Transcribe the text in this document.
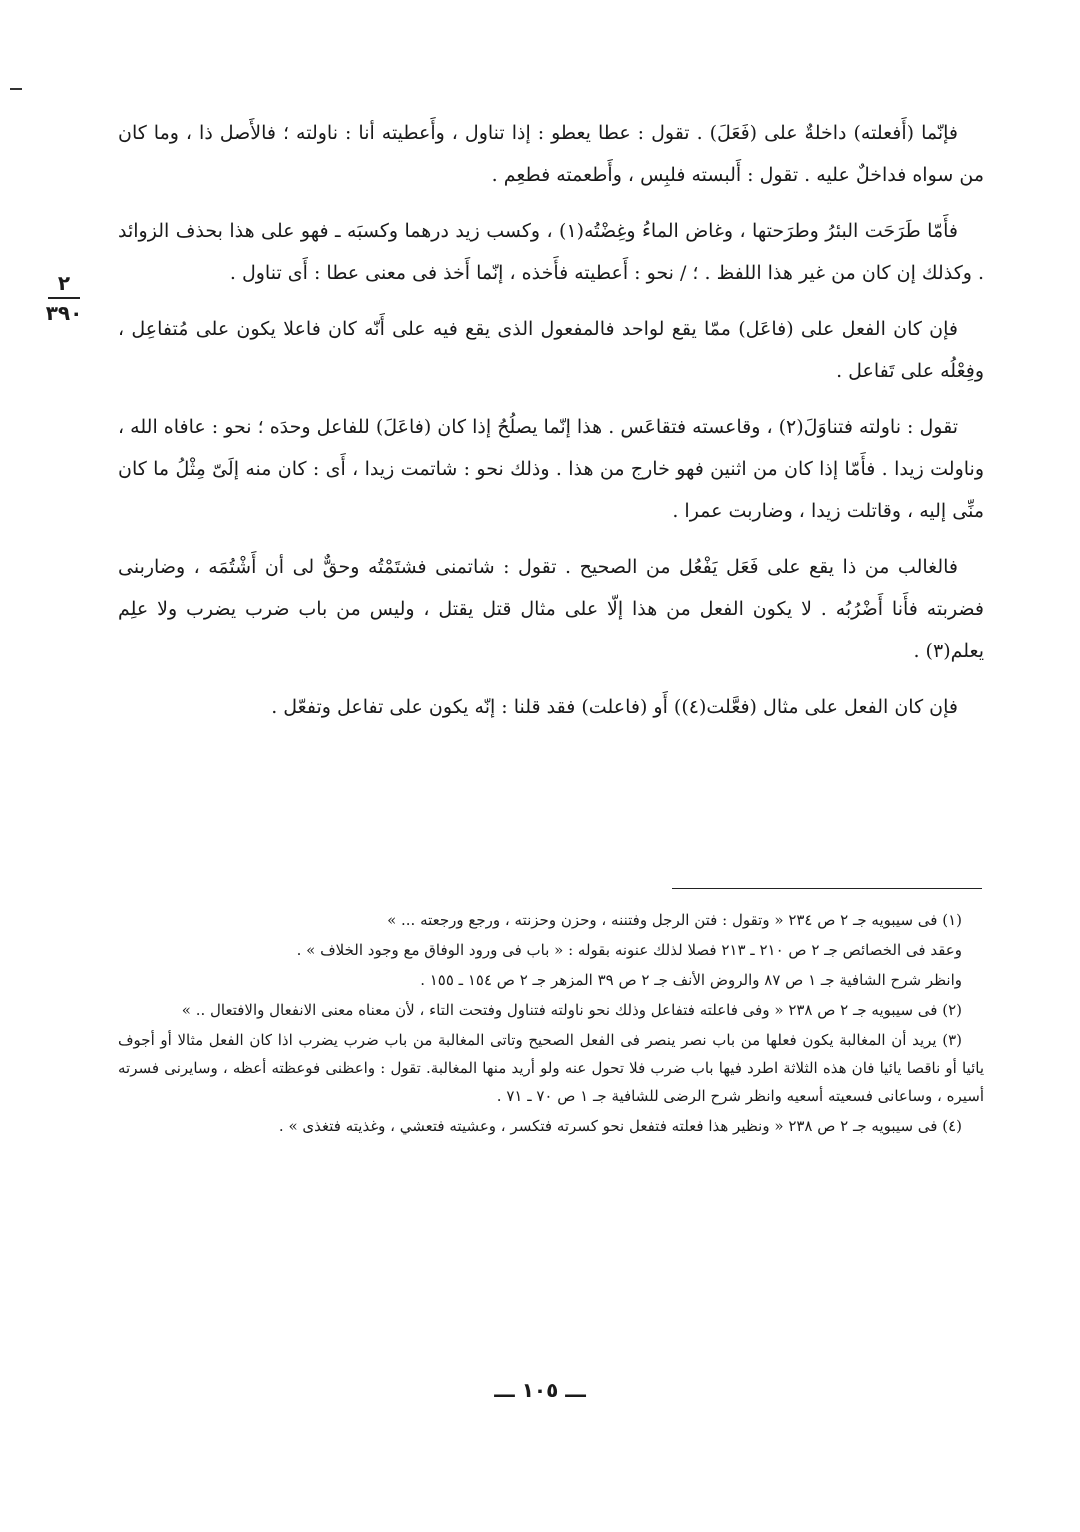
٢
٣٩٠

فإنّما (أَفعلته) داخلةٌ على (فَعَلَ) . تقول : عطا يعطو : إذا تناول ، وأَعطيته أنا : ناولته ؛ فالأَصل ذا ، وما كان من سواه فداخلٌ عليه . تقول : أَلبسته فلبِس ، وأَطعمته فطعِم .

فأَمّا طَرَحَت البئرُ وطرَحتها ، وغاض الماءُ وغِضْتُه(١) ، وكسب زيد درهما وكسبَه ـ فهو على هذا بحذف الزوائد . وكذلك إن كان من غير هذا اللفظ . ؛ / نحو : أَعطيته فأَخذه ، إنّما أَخذ فى معنى عطا : أَى تناول .

فإن كان الفعل على (فاعَل) ممّا يقع لواحد فالمفعول الذى يقع فيه على أَنّه كان فاعلا يكون على مُتفاعِل ، وفِعْلُه على تَفاعل .

تقول : ناولته فتناوَلَ(٢) ، وقاعسته فتقاعَس . هذا إنّما يصلُحُ إذا كان (فاعَلَ) للفاعل وحدَه ؛ نحو : عافاه الله ، وناولت زيدا . فأَمّا إذا كان من اثنين فهو خارج من هذا . وذلك نحو : شاتمت زيدا ، أَى : كان منه إلَىّ مِثْلُ ما كان منِّى إليه ، وقاتلت زيدا ، وضاربت عمرا .

فالغالب من ذا يقع على فَعَل يَفْعُل من الصحيح . تقول : شاتمنى فشتَمْتُه وحقٌّ لى أن أَشْتُمَه ، وضاربنى فضربته فأَنا أَضْرُبُه . لا يكون الفعل من هذا إلّا على مثال قتل يقتل ، وليس من باب ضرب يضرب ولا علِم يعلم(٣) .

فإن كان الفعل على مثال (فعَّلت(٤)) أَو (فاعلت) فقد قلنا : إنّه يكون على تفاعل وتفعّل .

(١) فى سيبويه جـ ٢ ص ٢٣٤ « وتقول : فتن الرجل وفتننه ، وحزن وحزنته ، ورجع ورجعته ... »

وعقد فى الخصائص جـ ٢ ص ٢١٠ ـ ٢١٣ فصلا لذلك عنونه بقوله : « باب فى ورود الوفاق مع وجود الخلاف » .

وانظر شرح الشافية جـ ١ ص ٨٧ والروض الأنف جـ ٢ ص ٣٩ المزهر جـ ٢ ص ١٥٤ ـ ١٥٥ .

(٢) فى سيبويه جـ ٢ ص ٢٣٨ « وفى فاعلته فتفاعل وذلك نحو ناولته فتناول وفتحت التاء ، لأن معناه معنى الانفعال والافتعال .. »

(٣) يريد أن المغالبة يكون فعلها من باب نصر ينصر فى الفعل الصحيح وتاتى المغالبة من باب ضرب يضرب اذا كان الفعل مثالا أو أجوف يائيا أو ناقصا يائيا فان هذه الثلاثة اطرد فيها باب ضرب فلا تحول عنه ولو أريد منها المغالبة. تقول : واعظنى فوعظته أعظه ، وسايرنى فسرته أسيره ، وساعانى فسعيته أسعيه وانظر شرح الرضى للشافية جـ ١ ص ٧٠ ـ ٧١ .

(٤) فى سيبويه جـ ٢ ص ٢٣٨ « ونظير هذا فعلته فتفعل نحو كسرته فتكسر ، وعشيته فتعشي ، وغذيته فتغذى » .

ـــ ١٠٥ ـــ
